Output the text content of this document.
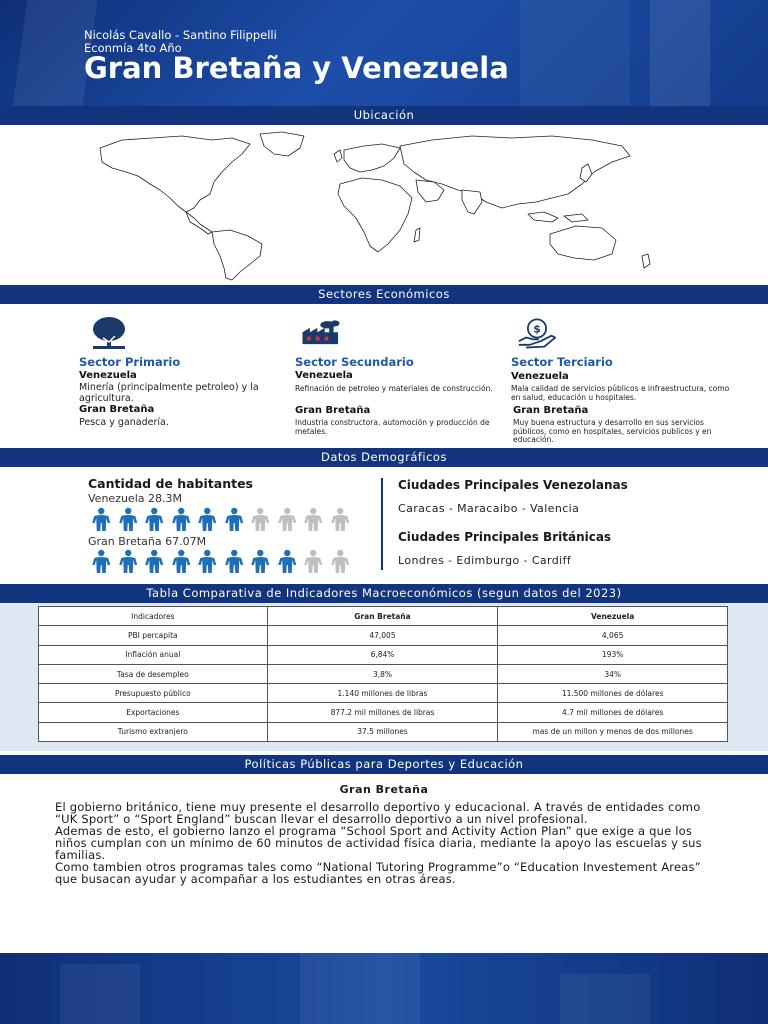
Nicolás Cavallo - Santino Filippelli
Econmía 4to Año
Gran Bretaña y Venezuela
Ubicación
Sectores Económicos
Sector Primario
Venezuela
Minería (principalmente petroleo) y la agricultura.
Gran Bretaña
Pesca y ganadería.
Sector Secundario
Venezuela
Refinación de petroleo y materiales de construcción.
Gran Bretaña
Industria constructora, automoción y producción de metales.
$
Sector Terciario
Venezuela
Mala calidad de servicios públicos e infraestructura, como en salud, educación u hospitales.
Gran Bretaña
Muy buena estructura y desarrollo en sus servicios públicos, como en hospitales, servicios publicos y en educación.
Datos Demográficos
Cantidad de habitantes
Venezuela 28.3M
Gran Bretaña 67.07M
Ciudades Principales Venezolanas
Caracas - Maracaibo - Valencia
Ciudades Principales Británicas
Londres - Edimburgo - Cardiff
Tabla Comparativa de Indicadores Macroeconómicos (segun datos del 2023)
Indicadores	Gran Bretaña	Venezuela
PBI percapita	47,005	4,065
Inflación anual	6,84%	193%
Tasa de desempleo	3,8%	34%
Presupuesto público	1.140 millones de libras	11.500 millones de dólares
Exportaciones	877.2 mil millones de libras	4.7 mil millones de dólares
Turismo extranjero	37.5 millones	mas de un millon y menos de dos millones
Políticas Públicas para Deportes y Educación
Gran Bretaña

El gobierno británico, tiene muy presente el desarrollo deportivo y educacional. A través de entidades como “UK Sport” o “Sport England” buscan llevar el desarrollo deportivo a un nivel profesional.

Ademas de esto, el gobierno lanzo el programa “School Sport and Activity Action Plan” que exige a que los niños cumplan con un mínimo de 60 minutos de actividad física diaria, mediante la apoyo las escuelas y sus familias.

Como tambien otros programas tales como “National Tutoring Programme”o “Education Investement Areas” que busacan ayudar y acompañar a los estudiantes en otras áreas.
